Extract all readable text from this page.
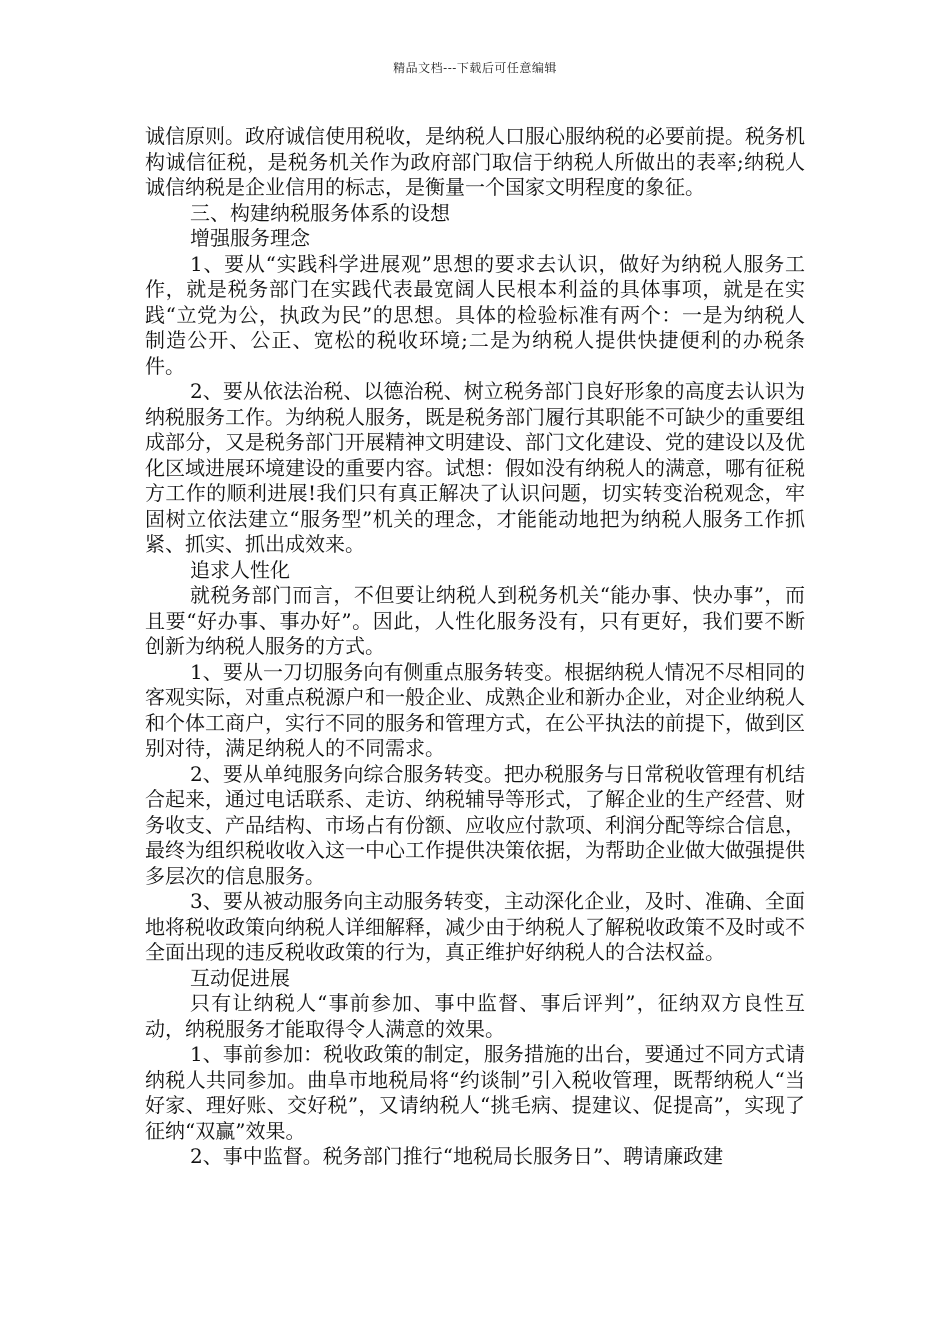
精品文档---下载后可任意编辑

诚信原则。政府诚信使用税收，是纳税人口服心服纳税的必要前提。税务机构诚信征税，是税务机关作为政府部门取信于纳税人所做出的表率;纳税人诚信纳税是企业信用的标志，是衡量一个国家文明程度的象征。

三、构建纳税服务体系的设想

增强服务理念

1、要从“实践科学进展观”思想的要求去认识，做好为纳税人服务工作，就是税务部门在实践代表最宽阔人民根本利益的具体事项，就是在实践“立党为公，执政为民”的思想。具体的检验标准有两个：一是为纳税人制造公开、公正、宽松的税收环境;二是为纳税人提供快捷便利的办税条件。

2、要从依法治税、以德治税、树立税务部门良好形象的高度去认识为纳税服务工作。为纳税人服务，既是税务部门履行其职能不可缺少的重要组成部分，又是税务部门开展精神文明建设、部门文化建设、党的建设以及优化区域进展环境建设的重要内容。试想：假如没有纳税人的满意，哪有征税方工作的顺利进展!我们只有真正解决了认识问题，切实转变治税观念，牢固树立依法建立“服务型”机关的理念，才能能动地把为纳税人服务工作抓紧、抓实、抓出成效来。

追求人性化

就税务部门而言，不但要让纳税人到税务机关“能办事、快办事”，而且要“好办事、事办好”。因此，人性化服务没有，只有更好，我们要不断创新为纳税人服务的方式。

1、要从一刀切服务向有侧重点服务转变。根据纳税人情况不尽相同的客观实际，对重点税源户和一般企业、成熟企业和新办企业，对企业纳税人和个体工商户，实行不同的服务和管理方式，在公平执法的前提下，做到区别对待，满足纳税人的不同需求。

2、要从单纯服务向综合服务转变。把办税服务与日常税收管理有机结合起来，通过电话联系、走访、纳税辅导等形式，了解企业的生产经营、财务收支、产品结构、市场占有份额、应收应付款项、利润分配等综合信息，最终为组织税收收入这一中心工作提供决策依据，为帮助企业做大做强提供多层次的信息服务。

3、要从被动服务向主动服务转变，主动深化企业，及时、准确、全面地将税收政策向纳税人详细解释，减少由于纳税人了解税收政策不及时或不全面出现的违反税收政策的行为，真正维护好纳税人的合法权益。

互动促进展

只有让纳税人“事前参加、事中监督、事后评判”，征纳双方良性互动，纳税服务才能取得令人满意的效果。

1、事前参加：税收政策的制定，服务措施的出台，要通过不同方式请纳税人共同参加。曲阜市地税局将“约谈制”引入税收管理，既帮纳税人“当好家、理好账、交好税”，又请纳税人“挑毛病、提建议、促提高”，实现了征纳“双赢”效果。

2、事中监督。税务部门推行“地税局长服务日”、聘请廉政建
